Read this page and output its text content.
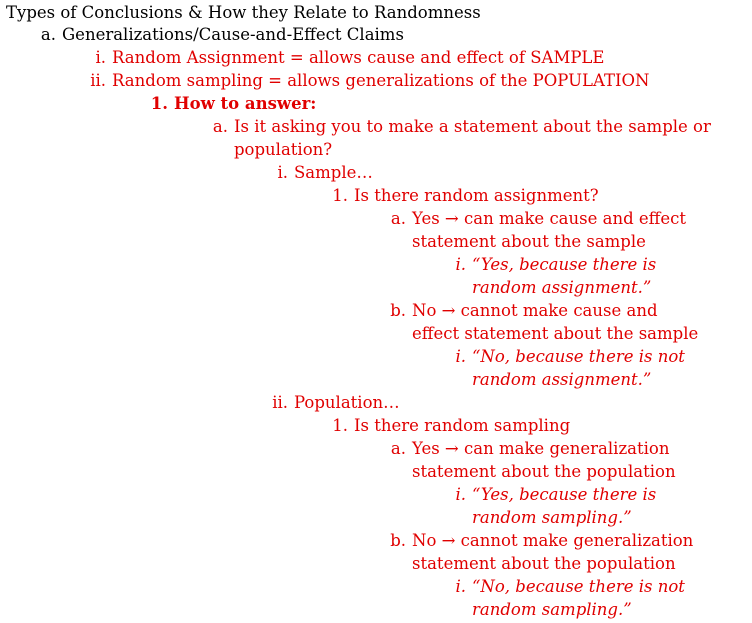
Types of Conclusions & How they Relate to Randomness
a. Generalizations/Cause-and-Effect Claims
i. Random Assignment = allows cause and effect of SAMPLE
ii. Random sampling = allows generalizations of the POPULATION
1. How to answer:
a. Is it asking you to make a statement about the sample or
population?
i. Sample…
1. Is there random assignment?
a. Yes → can make cause and effect
statement about the sample
i. “Yes, because there is
random assignment.”
b. No → cannot make cause and
effect statement about the sample
i. “No, because there is not
random assignment.”
ii. Population…
1. Is there random sampling
a. Yes → can make generalization
statement about the population
i. “Yes, because there is
random sampling.”
b. No → cannot make generalization
statement about the population
i. “No, because there is not
random sampling.”
